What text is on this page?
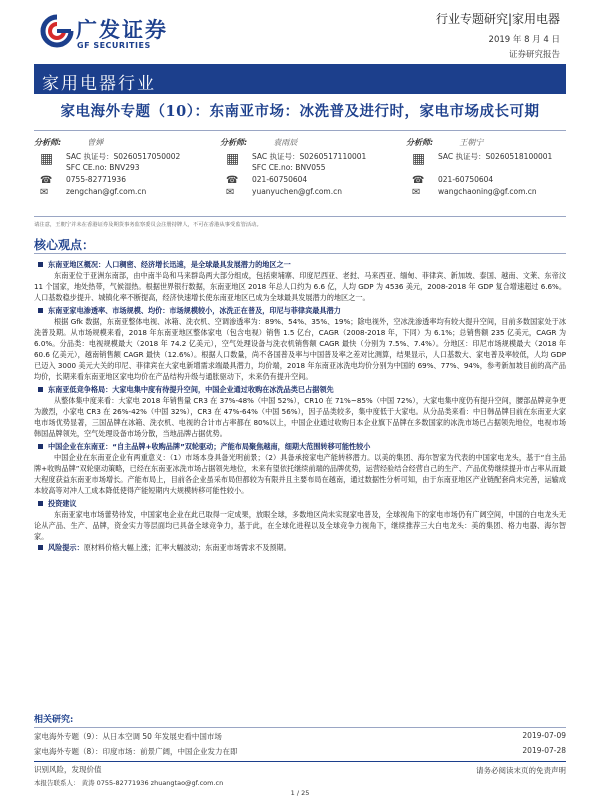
广发证券
GF SECURITIES
行业专题研究|家用电器
2019 年 8 月 4 日
证券研究报告
家用电器行业
家电海外专题（10）：东南亚市场：冰洗普及进行时，家电市场成长可期
分析师:	曾婵
▦	SAC 执证号：S0260517050002
SFC CE.no: BNV293
☎	0755-82771936
✉	zengchan@gf.com.cn
分析师:	袁雨辰
▦	SAC 执证号：S0260517110001
SFC CE.no: BNV055
☎	021-60750604
✉	yuanyuchen@gf.com.cn
分析师:	王朝宁
▦	SAC 执证号：S0260518100001
☎	021-60750604
✉	wangchaoning@gf.com.cn
请注意，王朝宁并未在香港证券及期货事务监察委员会注册持牌人，不可在香港从事受监管活动。
核心观点：
东南亚地区概况：人口稠密、经济增长迅速，是全球最具发展潜力的地区之一
东南亚位于亚洲东南部，由中南半岛和马来群岛两大部分组成，包括柬埔寨、印度尼西亚、老挝、马来西亚、缅甸、菲律宾、新加坡、泰国、越南、文莱、东帝汶 11 个国家，地处热带，气候湿热。根据世界银行数据，东南亚地区 2018 年总人口约为 6.6 亿，人均 GDP 为 4536 美元，2008-2018 年 GDP 复合增速超过 6.6%。人口基数稳步提升、城镇化率不断提高，经济快速增长使东南亚地区已成为全球最具发展潜力的地区之一。
东南亚家电渗透率、市场规模、均价：市场规模较小，冰洗正在普及，印尼与菲律宾最具潜力
根据 Gfk 数据，东南亚整体电视、冰箱、洗衣机、空调渗透率为：89%、54%、35%、19%；除电视外，空冰洗渗透率均有较大提升空间，目前多数国家处于冰洗普及期。从市场规模来看，2018 年东南亚地区整体家电（包含电视）销售 1.5 亿台，CAGR（2008-2018 年，下同）为 6.1%；总销售额 235 亿美元，CAGR 为 6.0%。分品类：电视规模最大（2018 年 74.2 亿美元），空气处理设备与洗衣机销售额 CAGR 最快（分别为 7.5%、7.4%）。分地区：印尼市场规模最大（2018 年 60.6 亿美元），越南销售额 CAGR 最快（12.6%）。根据人口数量，尚不各国普及率与中国普及率之差对比测算，结果显示，人口基数大、家电普及率较低，人均 GDP 已迈入 3000 美元大关的印尼、菲律宾在大家电新增需求端最具潜力，均价端，2018 年东南亚冰洗电均价分别为中国的 69%、77%、94%，参考新加坡目前的高产品均价，长期来看东南亚地区家电均价在产品结构升级与通胀驱动下，未来仍有提升空间。
东南亚低竞争格局：大家电集中度有待提升空间，中国企业通过收购在冰洗品类已占据领先
从整体集中度来看：大家电 2018 年销售量 CR3 在 37%-48%（中国 52%），CR10 在 71%~85%（中国 72%），大家电集中度仍有提升空间，腰部品牌竞争更为激烈，小家电 CR3 在 26%-42%（中国 32%），CR3 在 47%-64%（中国 56%），因子品类较多，集中度低于大家电。从分品类来看：中日韩品牌目前在东南亚大家电市场优势显著，三国品牌在冰箱、洗衣机、电视的合计市占率都在 80%以上，中国企业通过收购日本企业旗下品牌在多数国家的冰洗市场已占据领先地位，电视市场韩国品牌领先，空气处理设备市场分散，当地品牌占据优势。
中国企业在东南亚：“自主品牌+收购品牌”双轮驱动；产能布局聚焦越南，细期大范围转移可能性较小
中国企业在东南亚企业有两重意义：（1）市场本身具备光明前景；（2）具备承接家电产能转移潜力。以美的集团、海尔智家为代表的中国家电龙头，基于“自主品牌+收购品牌”双轮驱动策略，已经在东南亚冰洗市场占据领先地位，未来有望依托继续前端的品牌优势，运营经验结合经营自己的生产、产品优势继续提升市占率从而最大程度获益东南亚市场增长。产能布局上，目前各企业虽采布局但都较为有限并且主要布局在越南，通过数据性分析可知，由于东南亚地区产业链配套尚未完善，运输成本较高等对冲人工成本降低使得产能短期内大规模转移可能性较小。
投资建议
东南亚家电市场蕾势待发，中国家电企业在此已取得一定成果，放眼全球，多数地区尚未实现家电普及，全球视角下的家电市场仍有广阔空间，中国的白电龙头无论从产品、生产、品牌，资金实力等层面均已具备全球竞争力，基于此，在全球化进程以及全球竞争力视角下，继续推荐三大白电龙头：美的集团、格力电器、海尔智家。
风险提示：原材料价格大幅上涨；汇率大幅波动；东南亚市场需求不及预期。
相关研究:
家电海外专题（9）：从日本空调 50 年发展史看中国市场	2019-07-09
家电海外专题（8）：印度市场：前景广阔，中国企业发力在即	2019-07-28
识别风险，发现价值	请务必阅读末页的免责声明
本报告联系人： 黄涛 0755-82771936 zhuangtao@gf.com.cn
1 / 25
